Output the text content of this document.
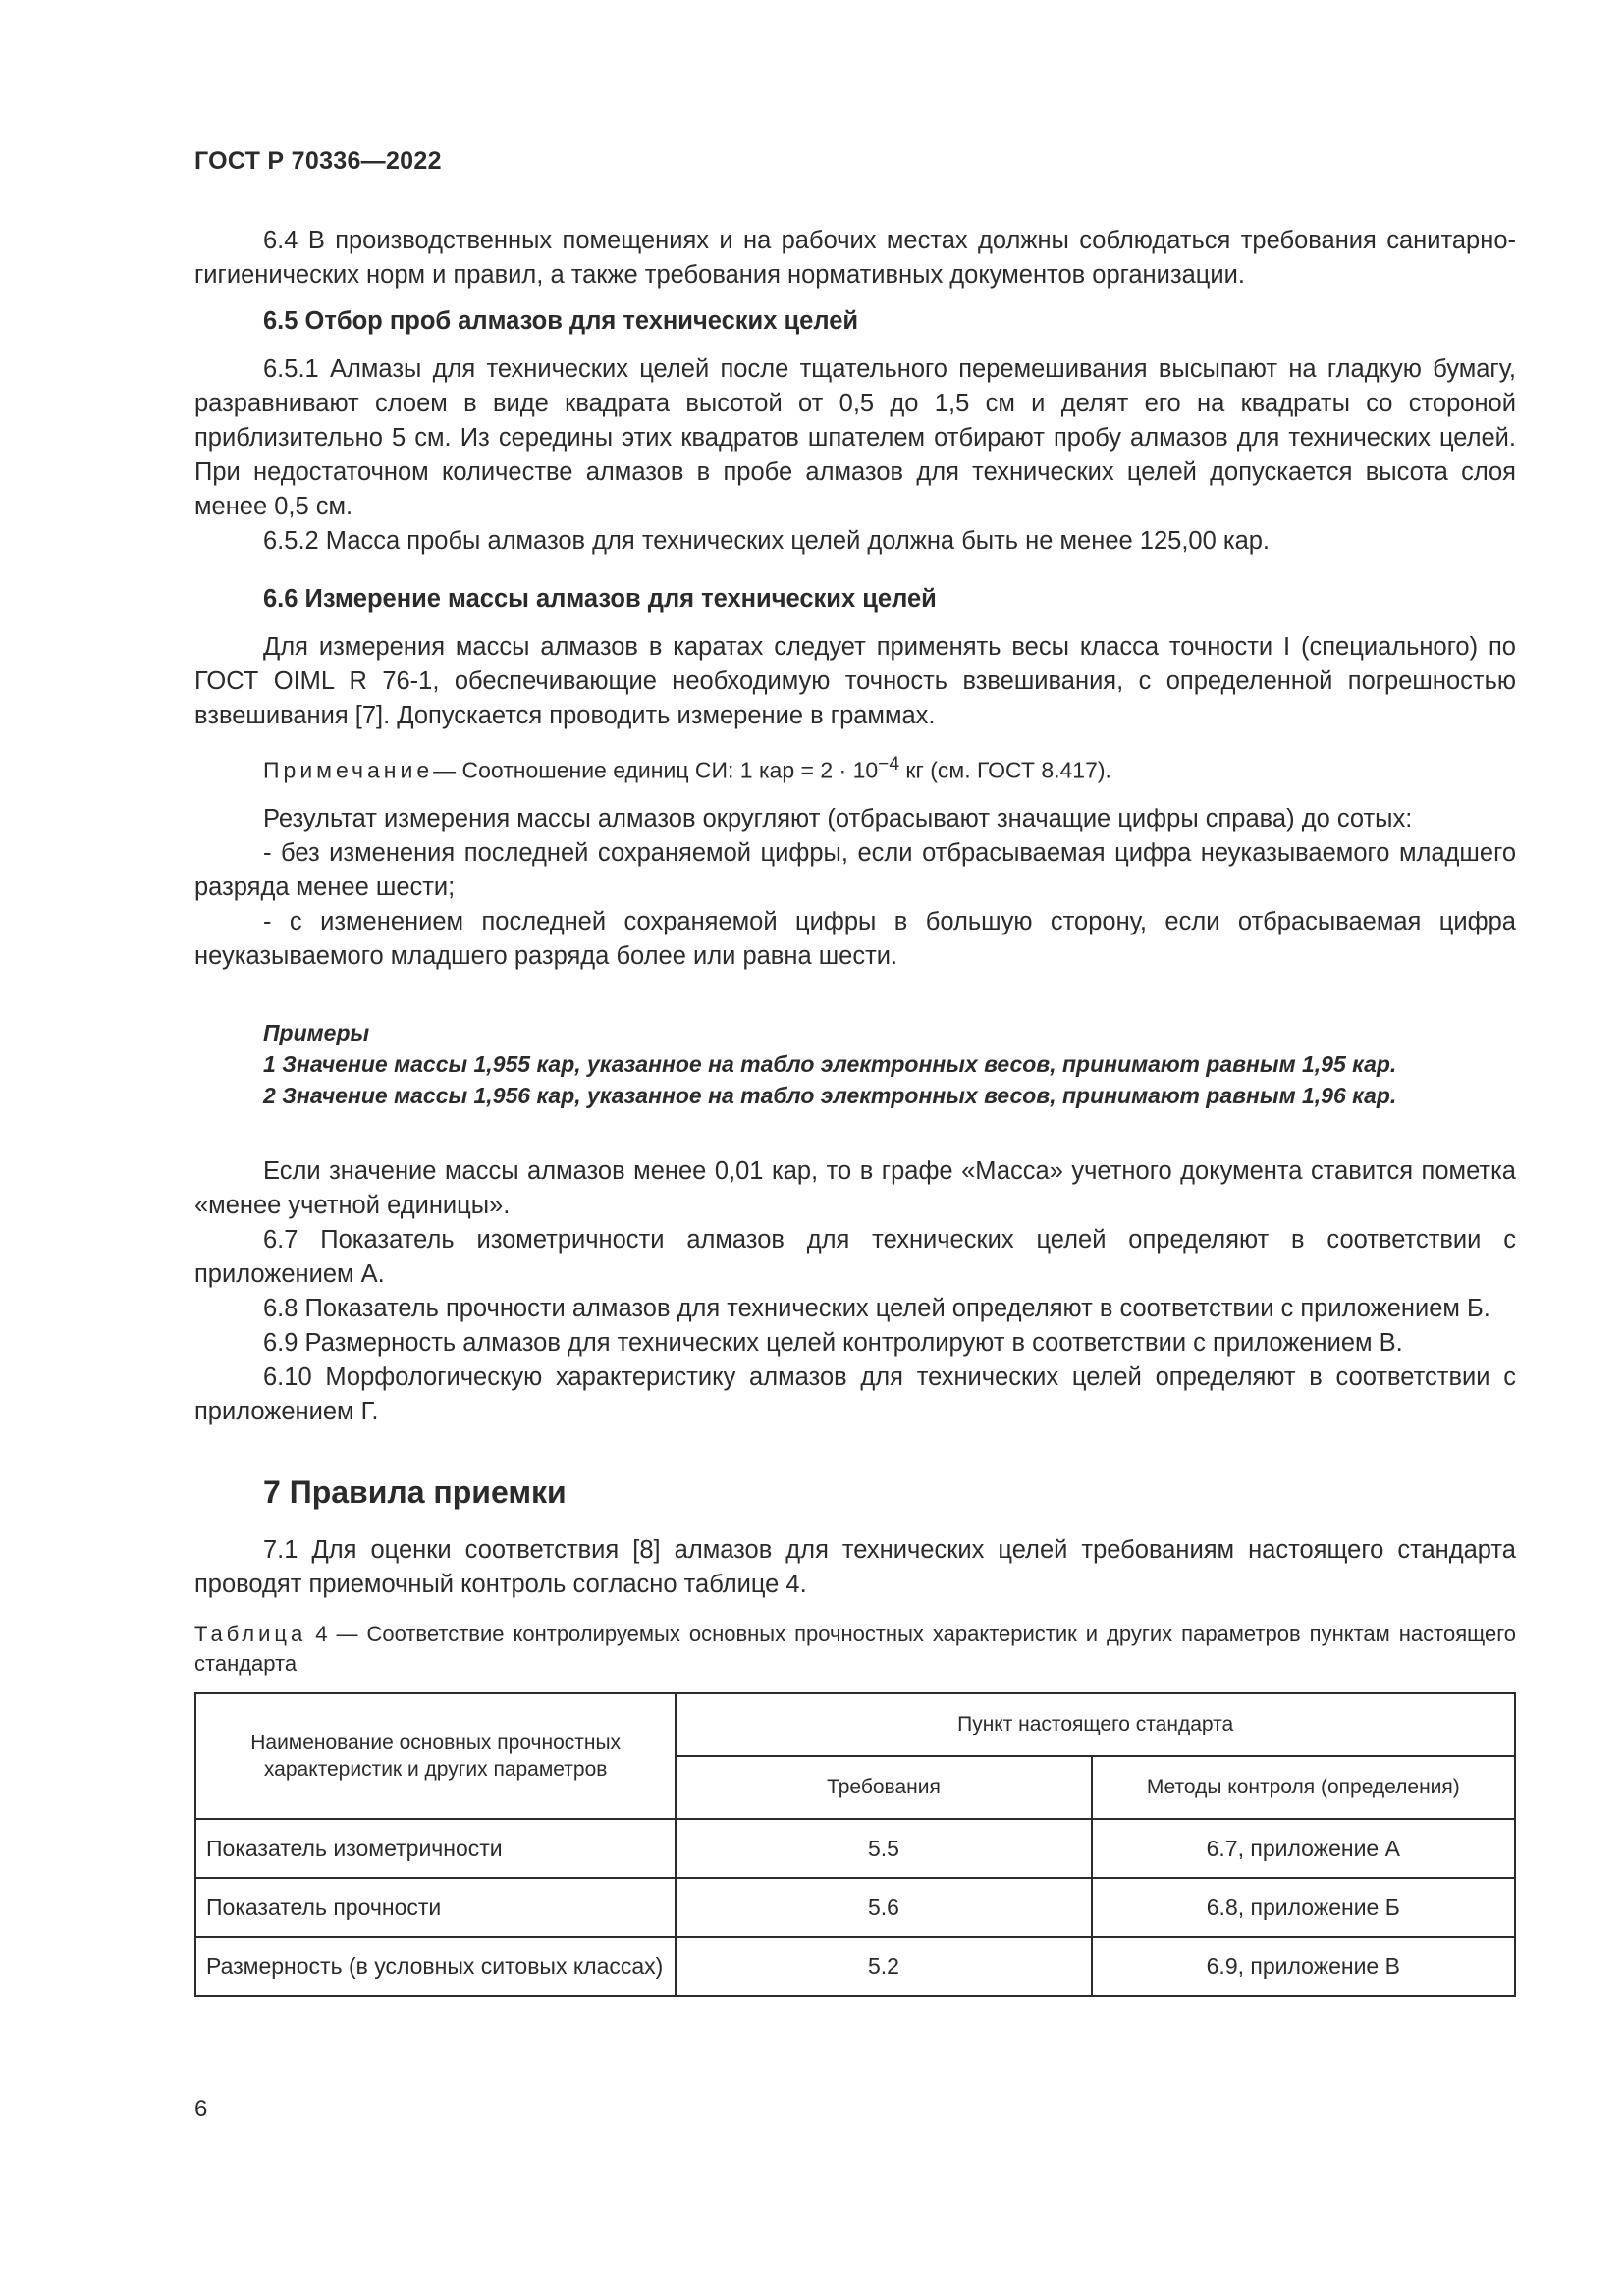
ГОСТ Р 70336—2022

6.4 В производственных помещениях и на рабочих местах должны соблюдаться требования санитарно-гигиенических норм и правил, а также требования нормативных документов организации.

6.5 Отбор проб алмазов для технических целей

6.5.1 Алмазы для технических целей после тщательного перемешивания высыпают на гладкую бумагу, разравнивают слоем в виде квадрата высотой от 0,5 до 1,5 см и делят его на квадраты со стороной приблизительно 5 см. Из середины этих квадратов шпателем отбирают пробу алмазов для технических целей. При недостаточном количестве алмазов в пробе алмазов для технических целей допускается высота слоя менее 0,5 см.

6.5.2 Масса пробы алмазов для технических целей должна быть не менее 125,00 кар.

6.6 Измерение массы алмазов для технических целей

Для измерения массы алмазов в каратах следует применять весы класса точности I (специального) по ГОСТ OIML R 76-1, обеспечивающие необходимую точность взвешивания, с определенной погрешностью взвешивания [7]. Допускается проводить измерение в граммах.

Примечание— Соотношение единиц СИ: 1 кар = $2 \cdot 10^{-4}$ кг (см. ГОСТ 8.417).

Результат измерения массы алмазов округляют (отбрасывают значащие цифры справа) до сотых:

- без изменения последней сохраняемой цифры, если отбрасываемая цифра неуказываемого младшего разряда менее шести;

- с изменением последней сохраняемой цифры в большую сторону, если отбрасываемая цифра неуказываемого младшего разряда более или равна шести.

Примеры

1 Значение массы 1,955 кар, указанное на табло электронных весов, принимают равным 1,95 кар.

2 Значение массы 1,956 кар, указанное на табло электронных весов, принимают равным 1,96 кар.

Если значение массы алмазов менее 0,01 кар, то в графе «Масса» учетного документа ставится пометка «менее учетной единицы».

6.7 Показатель изометричности алмазов для технических целей определяют в соответствии с приложением А.

6.8 Показатель прочности алмазов для технических целей определяют в соответствии с приложением Б.

6.9 Размерность алмазов для технических целей контролируют в соответствии с приложением В.

6.10 Морфологическую характеристику алмазов для технических целей определяют в соответствии с приложением Г.

7 Правила приемки

7.1 Для оценки соответствия [8] алмазов для технических целей требованиям настоящего стандарта проводят приемочный контроль согласно таблице 4.

Таблица 4 — Соответствие контролируемых основных прочностных характеристик и других параметров пунктам настоящего стандарта

Наименование основных прочностных характеристик и других параметров	Пункт настоящего стандарта	
	Требования	Методы контроля (определения)
Показатель изометричности	5.5	6.7, приложение А
Показатель прочности	5.6	6.8, приложение Б
Размерность (в условных ситовых классах)	5.2	6.9, приложение В
6
